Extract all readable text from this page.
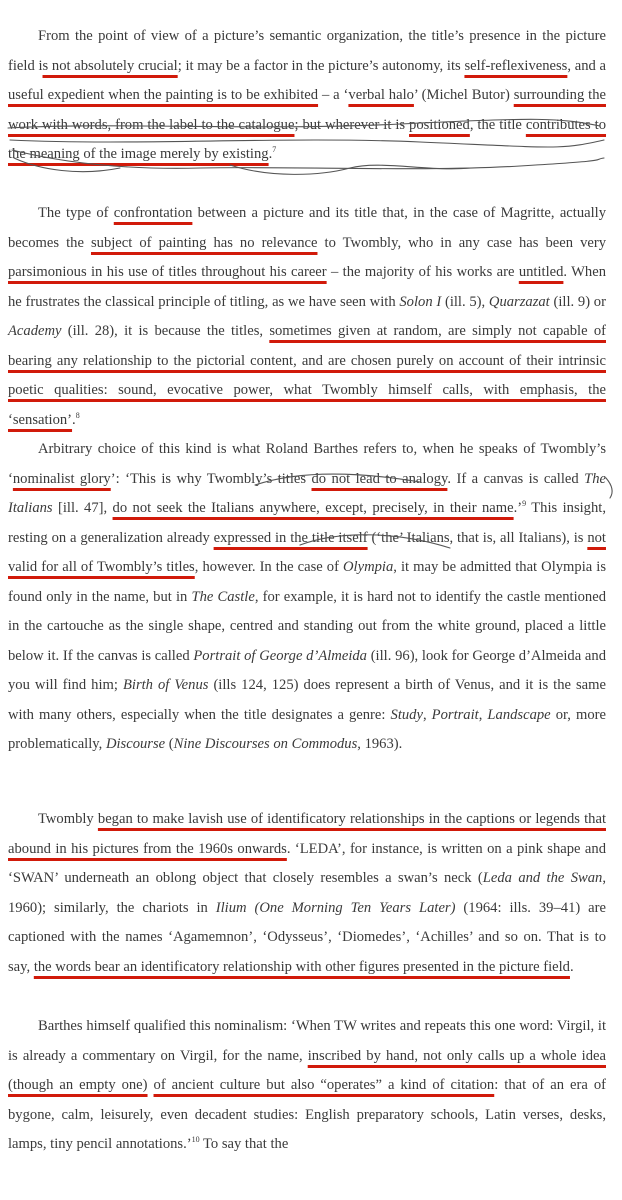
From the point of view of a picture’s semantic organization, the title’s presence in the picture field is not absolutely crucial; it may be a factor in the picture’s autonomy, its self-reflexiveness, and a useful expedient when the painting is to be exhibited – a ‘verbal halo’ (Michel Butor) surrounding the work with words, from the label to the catalogue; but wherever it is positioned, the title contributes to the meaning of the image merely by existing.$^7$

The type of confrontation between a picture and its title that, in the case of Magritte, actually becomes the subject of painting has no relevance to Twombly, who in any case has been very parsimonious in his use of titles throughout his career – the majority of his works are untitled. When he frustrates the classical principle of titling, as we have seen with Solon I (ill. 5), Quarzazat (ill. 9) or Academy (ill. 28), it is because the titles, sometimes given at random, are simply not capable of bearing any relationship to the pictorial content, and are chosen purely on account of their intrinsic poetic qualities: sound, evocative power, what Twombly himself calls, with emphasis, the ‘sensation’.$^8$

Arbitrary choice of this kind is what Roland Barthes refers to, when he speaks of Twombly’s ‘nominalist glory’: ‘This is why Twombly’s titles do not lead to analogy. If a canvas is called The Italians [ill. 47], do not seek the Italians anywhere, except, precisely, in their name.’$^9$ This insight, resting on a generalization already expressed in the title itself (‘the’ Italians, that is, all Italians), is not valid for all of Twombly’s titles, however. In the case of Olympia, it may be admitted that Olympia is found only in the name, but in The Castle, for example, it is hard not to identify the castle mentioned in the cartouche as the single shape, centred and standing out from the white ground, placed a little below it. If the canvas is called Portrait of George d’Almeida (ill. 96), look for George d’Almeida and you will find him; Birth of Venus (ills 124, 125) does represent a birth of Venus, and it is the same with many others, especially when the title designates a genre: Study, Portrait, Landscape or, more problematically, Discourse (Nine Discourses on Commodus, 1963).

Twombly began to make lavish use of identificatory relationships in the captions or legends that abound in his pictures from the 1960s onwards. ‘LEDA’, for instance, is written on a pink shape and ‘SWAN’ underneath an oblong object that closely resembles a swan’s neck (Leda and the Swan, 1960); similarly, the chariots in Ilium (One Morning Ten Years Later) (1964: ills. 39–41) are captioned with the names ‘Agamemnon’, ‘Odysseus’, ‘Diomedes’, ‘Achilles’ and so on. That is to say, the words bear an identificatory relationship with other figures presented in the picture field.

Barthes himself qualified this nominalism: ‘When TW writes and repeats this one word: Virgil, it is already a commentary on Virgil, for the name, inscribed by hand, not only calls up a whole idea (though an empty one) of ancient culture but also “operates” a kind of citation: that of an era of bygone, calm, leisurely, even decadent studies: English preparatory schools, Latin verses, desks, lamps, tiny pencil annotations.’$^{10}$ To say that the
